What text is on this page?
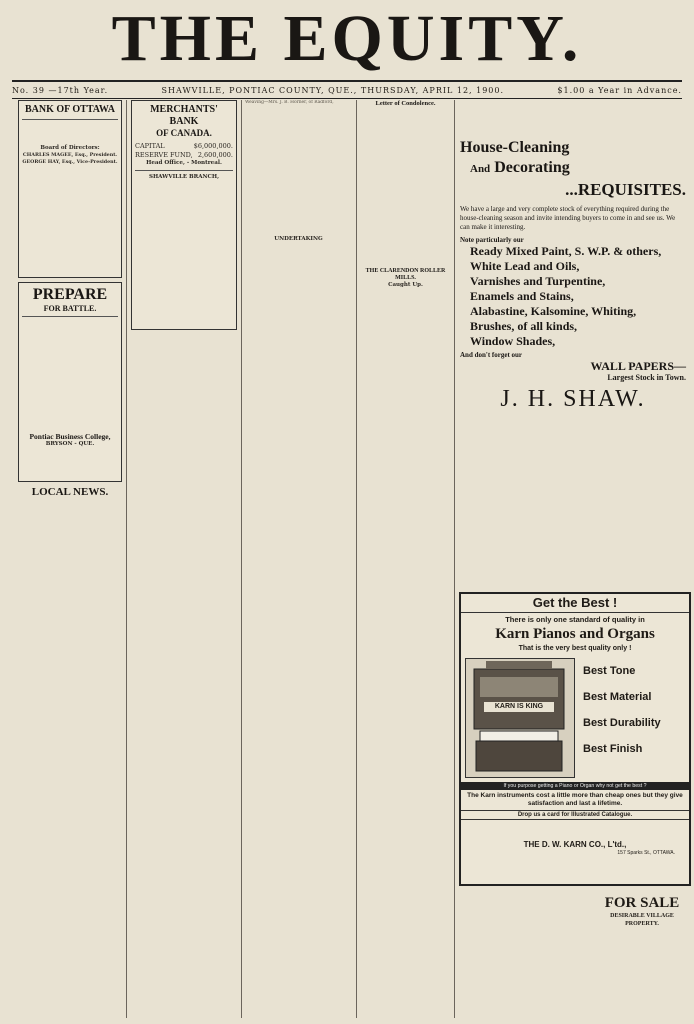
THE EQUITY.
No. 39 —17th Year.	SHAWVILLE, PONTIAC COUNTY, QUE., THURSDAY, APRIL 12, 1900.	$1.00 a Year in Advance.
BANK OF OTTAWA
Board of Directors:
CHARLES MAGEE, Esq., President.
GEORGE HAY, Esq., Vice-President.
PREPARE
FOR BATTLE.
Pontiac Business College,
BRYSON - QUE.
LOCAL NEWS.
MERCHANTS' BANK
OF CANADA.
CAPITAL	$6,000,000.
RESERVE FUND, 2,600,000.
Head Office, - Montreal.
SHAWVILLE BRANCH,
Weaving—Mrs. J. B. Horner, of Radford,
UNDERTAKING
Letter of Condolence.
THE CLARENDON ROLLER MILLS.
Caught Up.
House-Cleaning
And Decorating
...REQUISITES.
We have a large and very complete stock of everything required during the house-cleaning season and invite intending buyers to come in and see us. We can make it interesting.
Note particularly our
Ready Mixed Paint, S. W.P. & others,
White Lead and Oils,
Varnishes and Turpentine,
Enamels and Stains,
Alabastine, Kalsomine, Whiting,
Brushes, of all kinds,
Window Shades,
And don't forget our
WALL PAPERS—
Largest Stock in Town.
J. H. SHAW.
Get the Best !
There is only one standard of quality in
Karn Pianos and Organs
That is the very best quality only !
KARN IS KING
Best Tone
Best Material
Best Durability
Best Finish
If you purpose getting a Piano or Organ why not get the best ?
The Karn instruments cost a little more than cheap ones but they give satisfaction and last a lifetime.
Drop us a card for Illustrated Catalogue.
THE D. W. KARN CO., L'td.,
157 Sparks St., OTTAWA.
FOR SALE
DESIRABLE VILLAGE PROPERTY.
